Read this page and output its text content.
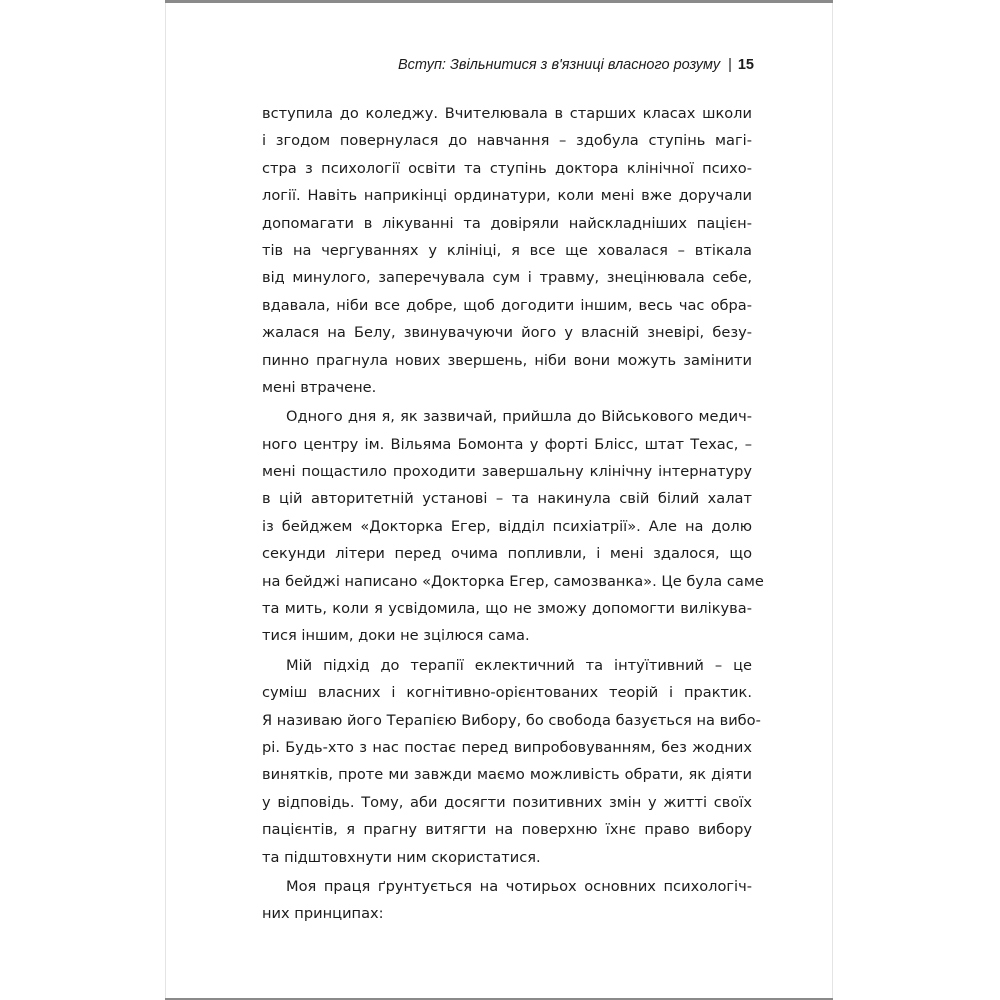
Вступ: Звільнитися з в'язниці власного розуму | 15

вступила до коледжу. Вчителювала в старших класах школи
і згодом повернулася до навчання – здобула ступінь магі-
стра з психології освіти та ступінь доктора клінічної психо-
логії. Навіть наприкінці ординатури, коли мені вже доручали
допомагати в лікуванні та довіряли найскладніших пацієн-
тів на чергуваннях у клініці, я все ще ховалася – втікала
від минулого, заперечувала сум і травму, знецінювала себе,
вдавала, ніби все добре, щоб догодити іншим, весь час обра-
жалася на Белу, звинувачуючи його у власній зневірі, безу-
пинно прагнула нових звершень, ніби вони можуть замінити
мені втрачене.

Одного дня я, як зазвичай, прийшла до Військового медич-
ного центру ім. Вільяма Бомонта у форті Блісс, штат Техас, –
мені пощастило проходити завершальну клінічну інтернатуру
в цій авторитетній установі – та накинула свій білий халат
із бейджем «Докторка Егер, відділ психіатрії». Але на долю
секунди літери перед очима попливли, і мені здалося, що
на бейджі написано «Докторка Егер, самозванка». Це була саме
та мить, коли я усвідомила, що не зможу допомогти вилікува-
тися іншим, доки не зцілюся сама.

Мій підхід до терапії еклектичний та інтуїтивний – це
суміш власних і когнітивно-орієнтованих теорій і практик.
Я називаю його Терапією Вибору, бо свобода базується на вибо-
рі. Будь-хто з нас постає перед випробовуванням, без жодних
винятків, проте ми завжди маємо можливість обрати, як діяти
у відповідь. Тому, аби досягти позитивних змін у житті своїх
пацієнтів, я прагну витягти на поверхню їхнє право вибору
та підштовхнути ним скористатися.

Моя праця ґрунтується на чотирьох основних психологіч-
них принципах:
